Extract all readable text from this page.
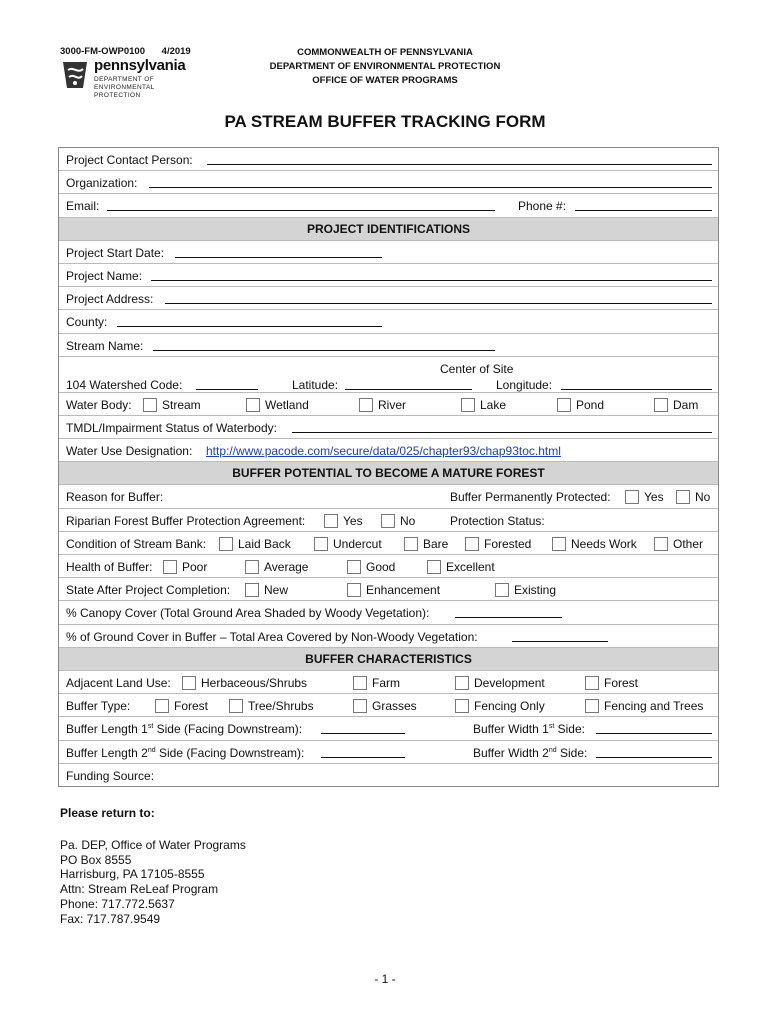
3000-FM-OWP0100 4/2019
pennsylvania
DEPARTMENT OF ENVIRONMENTAL
PROTECTION
COMMONWEALTH OF PENNSYLVANIA
DEPARTMENT OF ENVIRONMENTAL PROTECTION
OFFICE OF WATER PROGRAMS
PA STREAM BUFFER TRACKING FORM
Project Contact Person:
Organization:
Email:	Phone #:
PROJECT IDENTIFICATIONS
Project Start Date:
Project Name:
Project Address:
County:
Stream Name:
Center of Site
104 Watershed Code:	Latitude:	Longitude:
Water Body:	Stream	Wetland	River	Lake	Pond	Dam
TMDL/Impairment Status of Waterbody:
Water Use Designation: http://www.pacode.com/secure/data/025/chapter93/chap93toc.html
BUFFER POTENTIAL TO BECOME A MATURE FOREST
Reason for Buffer:	Buffer Permanently Protected:	Yes	No
Riparian Forest Buffer Protection Agreement:	Yes	No	Protection Status:
Condition of Stream Bank:	Laid Back	Undercut	Bare	Forested	Needs Work	Other
Health of Buffer:	Poor	Average	Good	Excellent
State After Project Completion:	New	Enhancement	Existing
% Canopy Cover (Total Ground Area Shaded by Woody Vegetation):
% of Ground Cover in Buffer – Total Area Covered by Non-Woody Vegetation:
BUFFER CHARACTERISTICS
Adjacent Land Use:	Herbaceous/Shrubs	Farm	Development	Forest
Buffer Type:	Forest	Tree/Shrubs	Grasses	Fencing Only	Fencing and Trees
Buffer Length 1st Side (Facing Downstream):	Buffer Width 1st Side:
Buffer Length 2nd Side (Facing Downstream):	Buffer Width 2nd Side:
Funding Source:
Please return to:
Pa. DEP, Office of Water Programs
PO Box 8555
Harrisburg, PA 17105-8555
Attn: Stream ReLeaf Program
Phone: 717.772.5637
Fax: 717.787.9549
- 1 -
